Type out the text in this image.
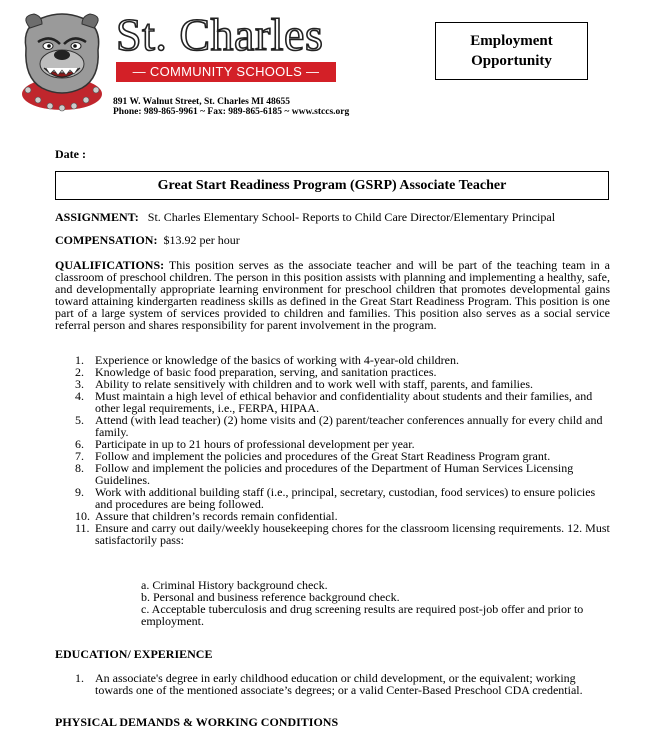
St. Charles
— COMMUNITY SCHOOLS —
891 W. Walnut Street, St. Charles MI 48655
Phone: 989-865-9961 ~ Fax: 989-865-6185 ~ www.stccs.org
Employment
Opportunity
Date :
Great Start Readiness Program (GSRP) Associate Teacher
ASSIGNMENT: St. Charles Elementary School- Reports to Child Care Director/Elementary Principal
COMPENSATION: $13.92 per hour
QUALIFICATIONS: This position serves as the associate teacher and will be part of the teaching team in a classroom of preschool children. The person in this position assists with planning and implementing a healthy, safe, and developmentally appropriate learning environment for preschool children that promotes developmental gains toward attaining kindergarten readiness skills as defined in the Great Start Readiness Program. This position is one part of a large system of services provided to children and families. This position also serves as a social service referral person and shares responsibility for parent involvement in the program.
1. Experience or knowledge of the basics of working with 4-year-old children.
2. Knowledge of basic food preparation, serving, and sanitation practices.
3. Ability to relate sensitively with children and to work well with staff, parents, and families.
4. Must maintain a high level of ethical behavior and confidentiality about students and their families, and other legal requirements, i.e., FERPA, HIPAA.
5. Attend (with lead teacher) (2) home visits and (2) parent/teacher conferences annually for every child and family.
6. Participate in up to 21 hours of professional development per year.
7. Follow and implement the policies and procedures of the Great Start Readiness Program grant.
8. Follow and implement the policies and procedures of the Department of Human Services Licensing Guidelines.
9. Work with additional building staff (i.e., principal, secretary, custodian, food services) to ensure policies and procedures are being followed.
10. Assure that children’s records remain confidential.
11. Ensure and carry out daily/weekly housekeeping chores for the classroom licensing requirements. 12. Must satisfactorily pass:
a. Criminal History background check.
b. Personal and business reference background check.
c. Acceptable tuberculosis and drug screening results are required post-job offer and prior to employment.
EDUCATION/ EXPERIENCE
1. An associate's degree in early childhood education or child development, or the equivalent; working towards one of the mentioned associate’s degrees; or a valid Center-Based Preschool CDA credential.
PHYSICAL DEMANDS & WORKING CONDITIONS
